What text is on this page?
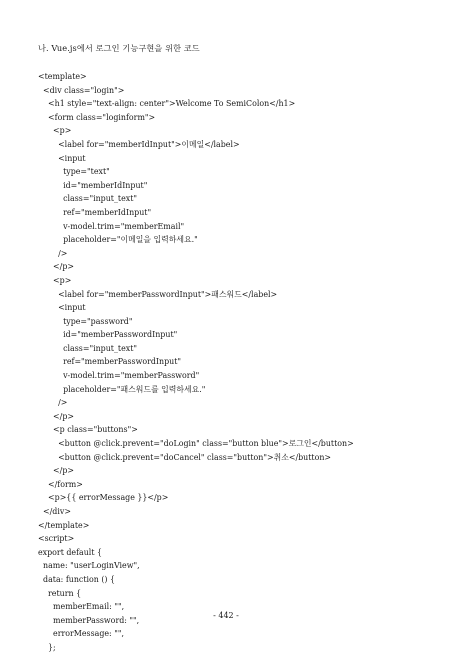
나. Vue.js에서 로그인 기능구현을 위한 코드
<template>
<div class="login">
<h1 style="text-align: center">Welcome To SemiColon</h1>
<form class="loginform">
<p>
<label for="memberIdInput">이메일</label>
<input
type="text"
id="memberIdInput"
class="input_text"
ref="memberIdInput"
v-model.trim="memberEmail"
placeholder="이메일을 입력하세요."
/>
</p>
<p>
<label for="memberPasswordInput">패스워드</label>
<input
type="password"
id="memberPasswordInput"
class="input_text"
ref="memberPasswordInput"
v-model.trim="memberPassword"
placeholder="패스워드를 입력하세요."
/>
</p>
<p class="buttons">
<button @click.prevent="doLogin" class="button blue">로그인</button>
<button @click.prevent="doCancel" class="button">취소</button>
</p>
</form>
<p>{{ errorMessage }}</p>
</div>
</template>
<script>
export default {
name: "userLoginView",
data: function () {
return {
memberEmail: "",
memberPassword: "",
errorMessage: "",
};
- 442 -
